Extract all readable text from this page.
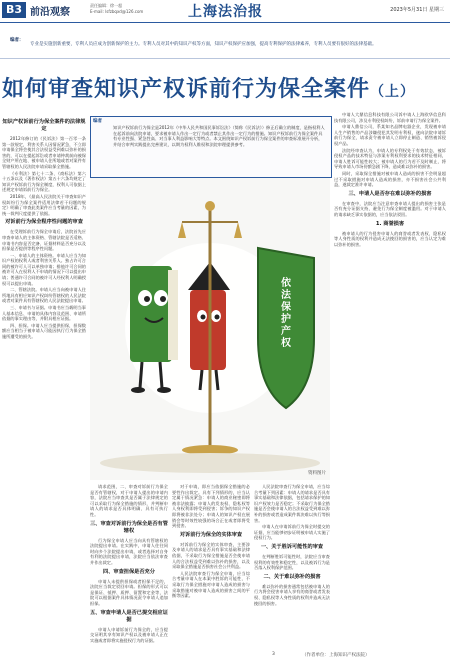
B3 前沿观察
责任编辑：徐一超
E-mail: lsfzbqxd@126.com	上海法治报	2023年5月31日 星期三
编者：
专业是实施创新重要，专利人员应成为创新保护的主力。专利人员对其中的知识产权等方面，知识产权保护应加强，提高专利保护的法律素养，专利人员要有很好的法律基础。
如何审查知识产权诉前行为保全案件（上）
知识产权诉前行为保全案件的法律规定

2012年修订的《民诉法》第一百零一条第一款规定，利害关系人因情况紧急，不立即申请保全将会使其合法权益受到难以弥补的损害的，可以在提起诉讼或者申请仲裁前向被保全财产所在地、被申请人住所地或者对案件有管辖权的人民法院申请采取保全措施。

《专利法》第七十二条、《商标法》第六十五条以及《著作权法》第五十六条均规定了知识产权诉前行为保全制度，权利人可依据上述规定申请诉前行为保全。

2018年，《最高人民法院关于审查知识产权纠纷行为保全案件适用法律若干问题的规定》明确了审查此类案件应当考量的因素，为统一裁判尺度提供了依据。

对诉前行为保全程序性问题的审查

在受理诉前行为保全申请后，法院首先应审查申请人的主体资格、管辖法院是否适格、申请书内容是否完备、证据材料是否充分以及担保是否提供等程序性问题。

一、申请人的主体资格。申请人应当为知识产权的权利人或者利害关系人。独占许可合同的被许可人可以单独申请；排他许可合同的被许可人在权利人不申请的情况下可以提出申请；普通许可合同的被许可人经权利人明确授权可以提出申请。

二、管辖法院。申请人应当向被申请人住所地具有相应知识产权纠纷管辖权的人民法院或者对案件具有管辖权的人民法院提出申请。

三、申请书与证据。申请书应当载明当事人基本信息、申请的具体内容及范围、申请所依据的事实理由等，并附具相应证据。

四、担保。申请人应当提供担保，担保数额应当相当于被申请人可能因执行行为保全措施所遭受的损失。

请求范围，二、审查对诉前行为保全是否有管辖权，对于申请人提出的申请内容，法院应当审查其是否属于法律规定的可以采取行为保全措施的情形，并判断申请人的请求是否具体明确、具有可执行性。

三、审查对诉前行为保全是否有管辖权

行为保全申请人应当向具有管辖权的法院提出申请。在实践中，申请人往往同时向多个法院提出申请，或者选择对自身有利的法院提出申请，法院应当依法审查并作出裁定。

四、审查担保是否充分

申请人未提供担保或者担保不足的，法院应当裁定驳回申请。担保的形式可以是保证、抵押、质押、留置和定金等，法院可以根据案件具体情况责令申请人追加担保。

五、审查申请人是否已提交相应证据

申请人申请诉前行为保全的，应当提交证明其享有知识产权以及被申请人正在实施或者即将实施侵权行为的证据。

对于申请，即应当依据保全措施的必要性作出裁定。具有下列情形的，应当认定属于情况紧急：申请人的商业秘密即将被非法披露；申请人的发表权、隐私权等人身权利即将受到侵害；诉争的知识产权即将被非法处分；申请人的知识产权在展销会等时效性较强的场合正在或者即将受到侵害。

对诉前行为保全的实体审查

对诉前行为保全的实体审查，主要涉及申请人的请求是否具有事实基础和法律依据，不采取行为保全措施是否会使申请人的合法权益受到难以弥补的损害，以及采取保全措施是否损害社会公共利益。

人民法院审查行为保全申请，应当综合考量申请人在本案中胜诉的可能性、不采取行为保全措施对申请人造成的损害与采取措施对被申请人造成的损害之间的平衡等因素。

人民法院审查行为保全申请，应当综合考量下列因素：申请人的请求是否具有事实基础和法律依据，包括请求保护的知识产权效力是否稳定；不采取行为保全措施是否会使申请人的合法权益受到难以弥补的损害或者造成案件裁决难以执行等损害。

申请人在申请诉前行为保全时提交的证据，应当能够初步证明被申请人实施了侵权行为。

一、关于胜诉可能性的审查

在判断胜诉可能性时，法院应当审查权利的有效性和稳定性，以及被诉行为是否落入权利保护范围。

二、关于难以弥补的损害

难以弥补的损害通常包括被申请人的行为将会侵害申请人享有的商誉或者发表权、隐私权等人身性质的权利并造成无法挽回的损害。

中请人大鼎信息科技有限公司诉中请人上海欧华信息科技有限公司，涉及专利侵权纠纷，诉前申请行为保全案件。

申请人鼎信公司，系某知名品牌电器企业，发现被申请人生产销售的产品涉嫌侵犯其发明专利权，遂向法院申请诉前行为保全，请求责令被申请人立即停止制造、销售被诉侵权产品。

法院经审查认为，申请人的专利权处于有效状态，被诉侵权产品的技术特征与涉案专利权利要求的技术特征相同，申请人胜诉可能性较大；被申请人的行为若不及时制止，将导致申请人市场份额急剧下降，造成难以弥补的损害。

同时，采取保全措施对被申请人造成的损害不会明显超过不采取措施对申请人造成的损害，亦不损害社会公共利益，遂裁定准许申请。

三、申请人是否存在难以弥补的损害

在审查中，法院应当注意审查申请人提出的损害主张是否有充分证据支持，避免行为保全制度被滥用。对于申请人的请求缺乏事实依据的，应当依法驳回。

1. 商誉损害

被申请人的行为侵害申请人的商誉或者发表权、隐私权等人身性质的权利并造成无法挽回的损害的，应当认定为难以弥补的损害。

编者
知识产权诉前行为保全是2012年《中华人民共和国民事诉讼法》（简称《民诉法》）修正后确立的制度，是指权利人在起诉前向法院申请，要求被申请人作出一定行为或者禁止其作出一定行为的措施。知识产权诉前行为保全案件具有专业性强、紧急性高、对当事人利益影响大等特点。本文围绕知识产权诉前行为保全案件的审查标准展开分析，并结合审判实践提出完善建议，以期为权利人维权和法院审理提供参考。
依法保护产权
资料图片
3	（作者单位：上海知识产权法院）
